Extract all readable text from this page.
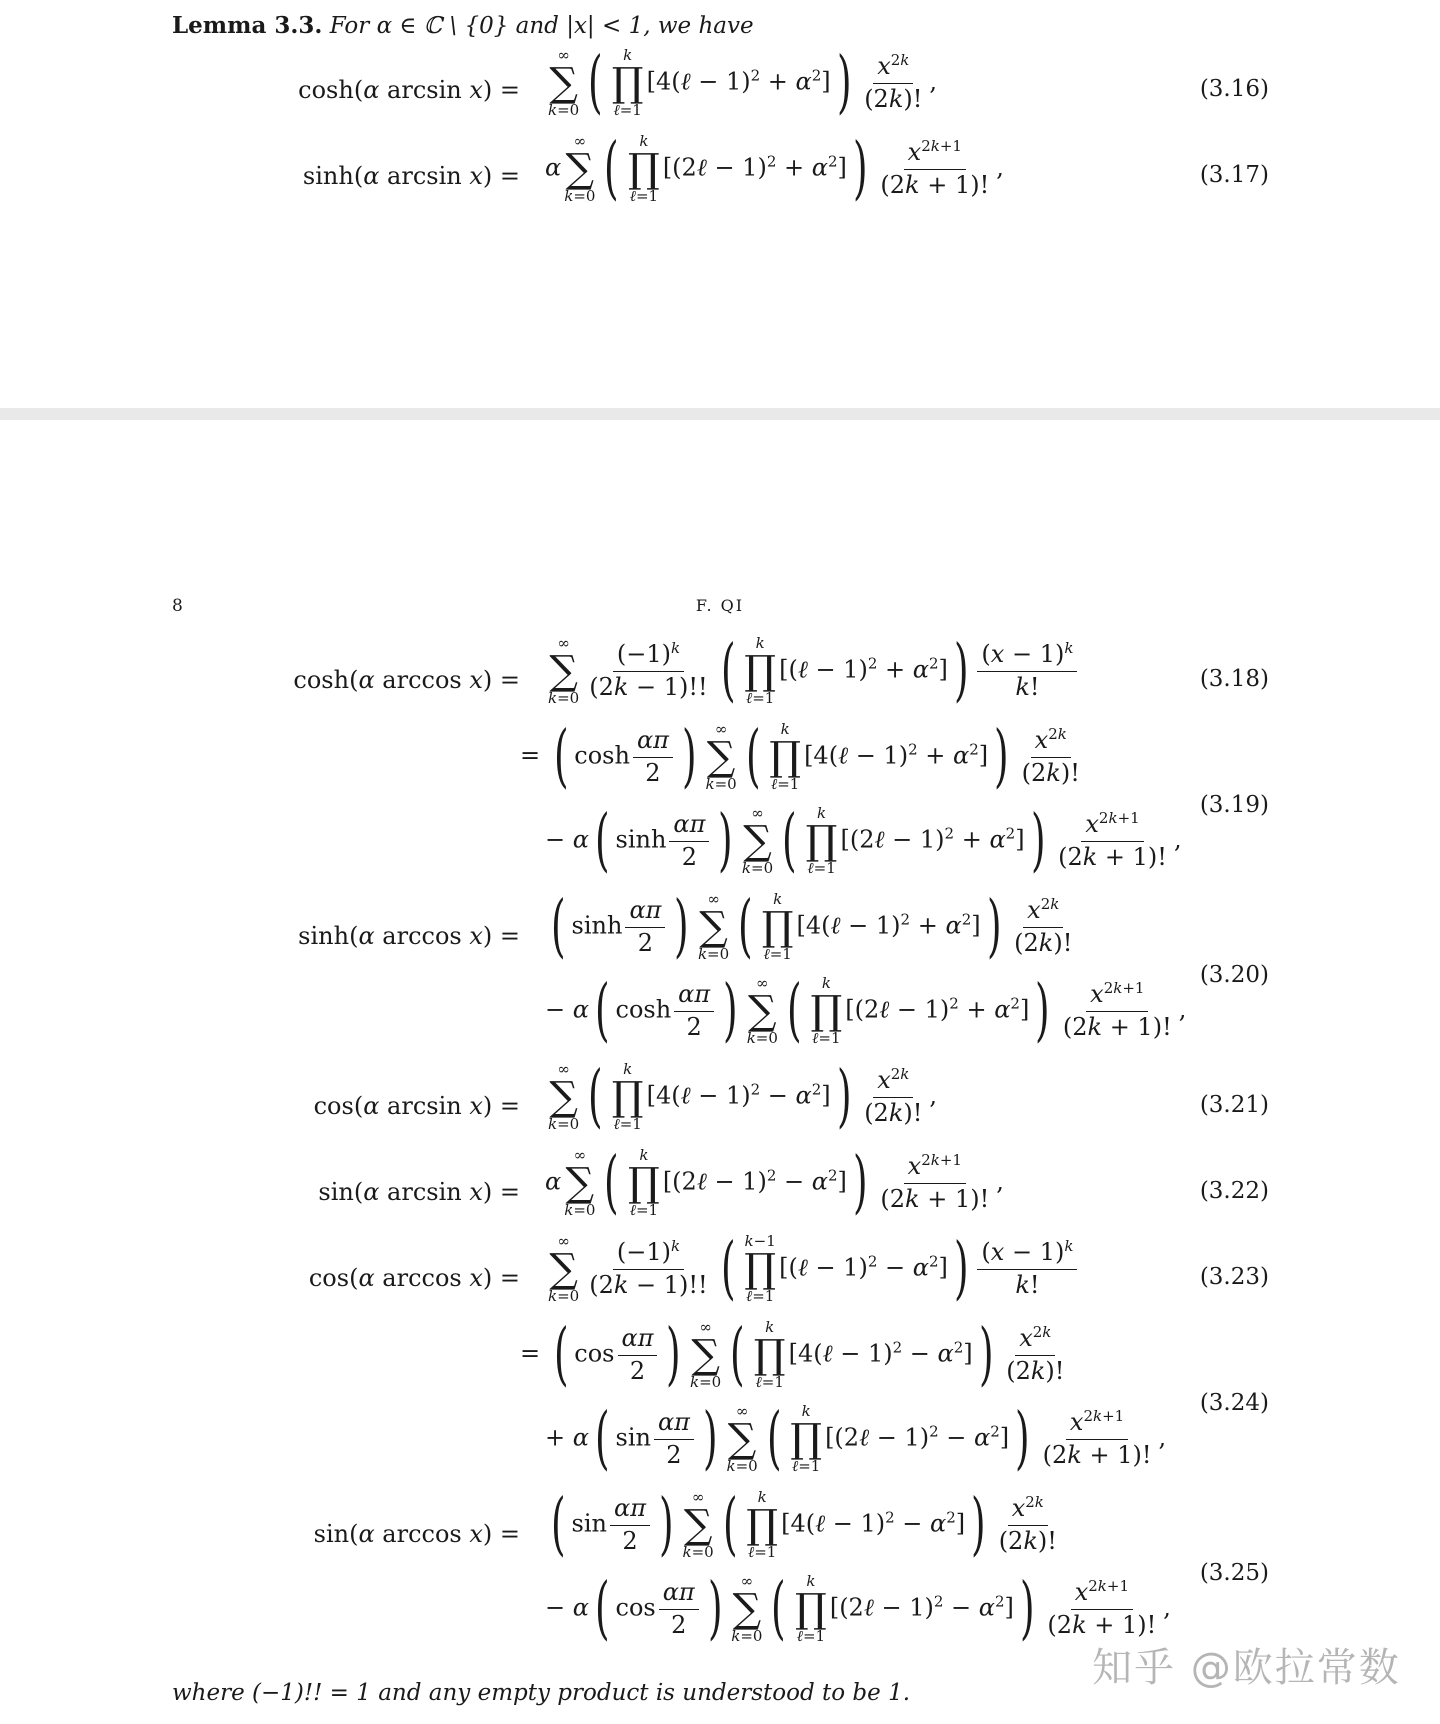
Lemma 3.3. For α ∈ ℂ \ {0} and |x| < 1, we have
cosh(α arcsin x) =
∞
∑
k=0 ( k
∏
ℓ=1
[4(ℓ − $1)^2 + \alpha^2]) \frac{x^{2k}}{(2k)!}$ ,	(3.16)
sinh(α arcsin x) = α
∞
∑
k=0 ( k
∏
ℓ=1
[(2ℓ − $1)^2 + \alpha^2]) \frac{x^{2k+1}}{(2k + 1)!}$ ,	(3.17)
8	F. QI
cosh(α arccos x) =
∞
∑
$k=0 \frac{(-1)^k}{(2k - 1)!!}$ ( k
∏
ℓ=1
[(ℓ − $1)^2 + \alpha^2]) \frac{(x - 1)^k}{k!}$	(3.18)
= ( $\cosh \frac{\alpha\pi}{2}$ ) ∞
∑
k=0 ( k
∏
ℓ=1
[4(ℓ − $1)^2 + \alpha^2]) \frac{x^{2k}}{(2k)!}$
− α( $\sinh \frac{\alpha\pi}{2}$ ) ∞
∑
k=0 ( k
∏
ℓ=1
[(2ℓ − $1)^2 + \alpha^2]) \frac{x^{2k+1}}{(2k + 1)!}$ ,
(3.19)
sinh(α arccos x) = ( $\sinh \frac{\alpha\pi}{2}$ ) ∞
∑
k=0 ( k
∏
ℓ=1
[4(ℓ − $1)^2 + \alpha^2]) \frac{x^{2k}}{(2k)!}$
− α( $\cosh \frac{\alpha\pi}{2}$ ) ∞
∑
k=0 ( k
∏
ℓ=1
[(2ℓ − $1)^2 + \alpha^2]) \frac{x^{2k+1}}{(2k + 1)!}$ ,
(3.20)
cos(α arcsin x) =
∞
∑
k=0 ( k
∏
ℓ=1
[4(ℓ − $1)^2 - \alpha^2]) \frac{x^{2k}}{(2k)!}$ ,	(3.21)
sin(α arcsin x) = α
∞
∑
k=0 ( k
∏
ℓ=1
[(2ℓ − $1)^2 - \alpha^2]) \frac{x^{2k+1}}{(2k + 1)!}$ ,	(3.22)
cos(α arccos x) =
∞
∑
$k=0 \frac{(-1)^k}{(2k - 1)!!}$ ( k−1
∏
ℓ=1
[(ℓ − $1)^2 - \alpha^2]) \frac{(x - 1)^k}{k!}$	(3.23)
= ( $\cos \frac{\alpha\pi}{2}$ ) ∞
∑
k=0 ( k
∏
ℓ=1
[4(ℓ − $1)^2 - \alpha^2]) \frac{x^{2k}}{(2k)!}$
+ α( $\sin \frac{\alpha\pi}{2}$ ) ∞
∑
k=0 ( k
∏
ℓ=1
[(2ℓ − $1)^2 - \alpha^2]) \frac{x^{2k+1}}{(2k + 1)!}$ ,
(3.24)
sin(α arccos x) = ( $\sin \frac{\alpha\pi}{2}$ ) ∞
∑
k=0 ( k
∏
ℓ=1
[4(ℓ − $1)^2 - \alpha^2]) \frac{x^{2k}}{(2k)!}$
− α( $\cos \frac{\alpha\pi}{2}$ ) ∞
∑
k=0 ( k
∏
ℓ=1
[(2ℓ − $1)^2 - \alpha^2]) \frac{x^{2k+1}}{(2k + 1)!}$ ,
(3.25)
知乎 @欧拉常数
where (−1)!! = 1 and any empty product is understood to be 1.
